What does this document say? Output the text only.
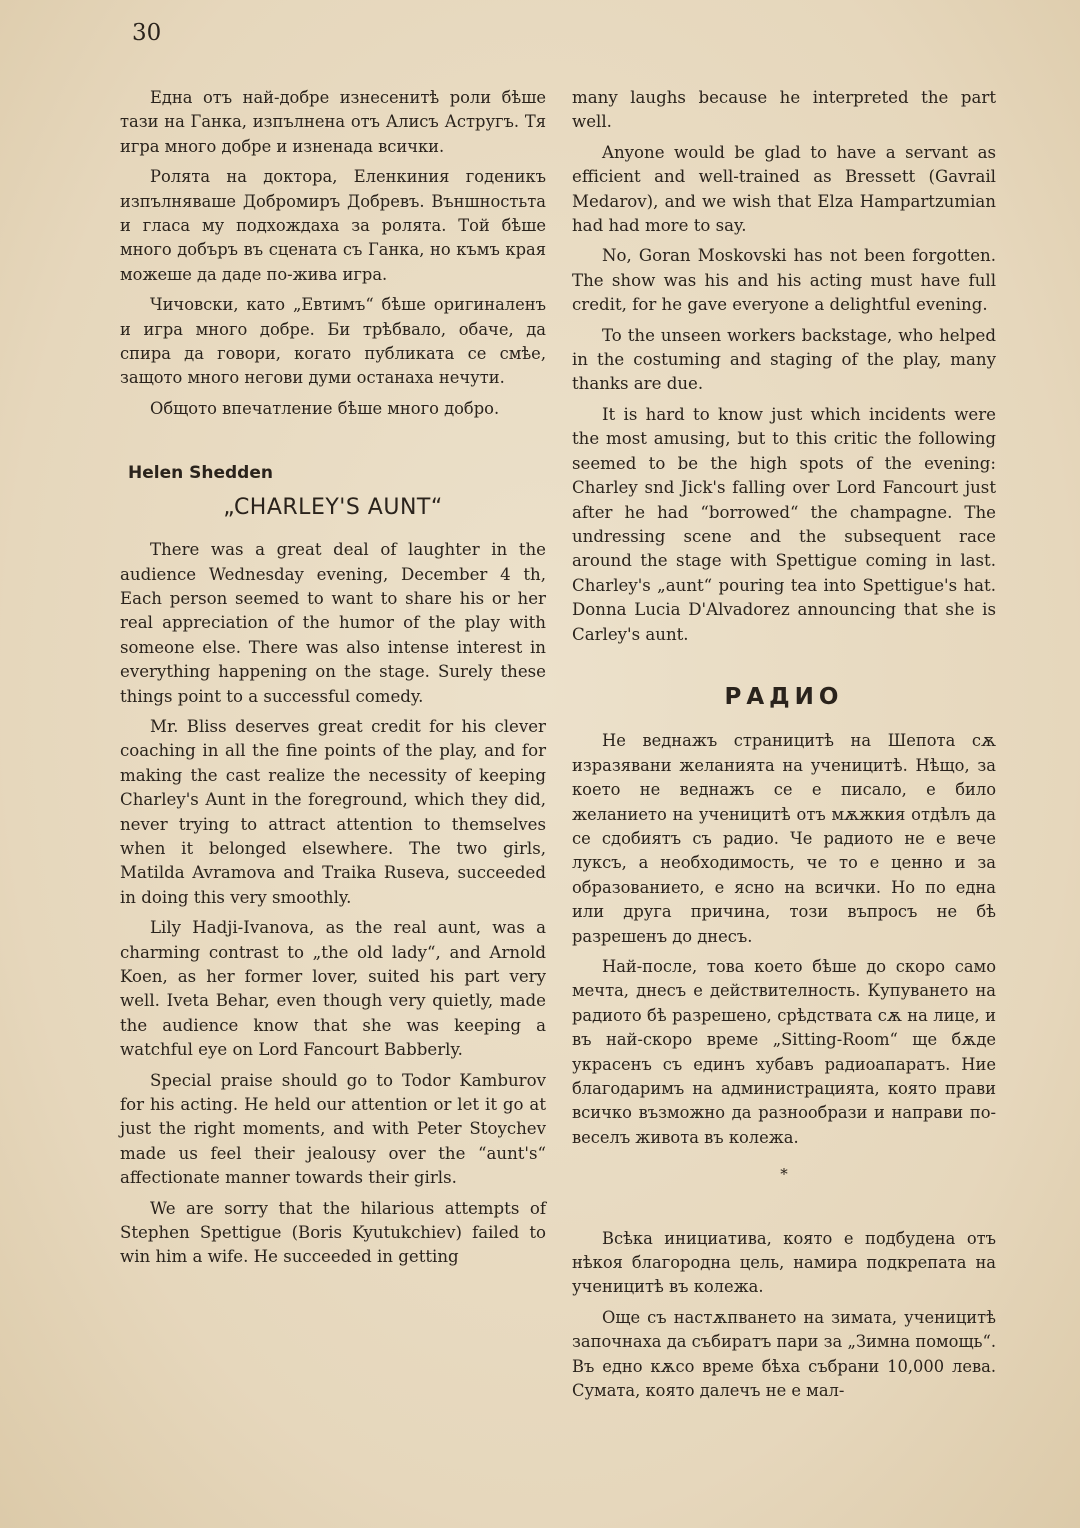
30

Една отъ най-добре изнесенитѣ роли бѣше тази на Ганка, изпълнена отъ Алисъ Астругъ. Тя игра много добре и изненада всички.

Ролята на доктора, Еленкиния годеникъ изпълняваше Добромиръ Добревъ. Външностьта и гласа му подхождаха за ролята. Той бѣше много добъръ въ сцената съ Ганка, но къмъ края можеше да даде по-жива игра.

Чичовски, като „Евтимъ“ бѣше оригиналенъ и игра много добре. Би трѣбвало, обаче, да спира да говори, когато публиката се смѣе, защото много негови думи останаха нечути.

Общото впечатление бѣше много добро.

Helen Shedden
„CHARLEY'S AUNT“

There was a great deal of laughter in the audience Wednesday evening, December 4 th, Each person seemed to want to share his or her real appreciation of the humor of the play with someone else. There was also intense interest in everything happening on the stage. Surely these things point to a successful comedy.

Mr. Bliss deserves great credit for his clever coaching in all the fine points of the play, and for making the cast realize the necessity of keeping Charley's Aunt in the foreground, which they did, never trying to attract attention to themselves when it belonged elsewhere. The two girls, Matilda Avramova and Traika Ruseva, succeeded in doing this very smoothly.

Lily Hadji-Ivanova, as the real aunt, was a charming contrast to „the old lady“, and Arnold Koen, as her former lover, suited his part very well. Iveta Behar, even though very quietly, made the audience know that she was keeping a watchful eye on Lord Fancourt Babberly.

Special praise should go to Todor Kamburov for his acting. He held our attention or let it go at just the right moments, and with Peter Stoychev made us feel their jealousy over the “aunt's“ affectionate manner towards their girls.

We are sorry that the hilarious attempts of Stephen Spettigue (Boris Kyutukchiev) failed to win him a wife. He succeeded in getting

many laughs because he interpreted the part well.

Anyone would be glad to have a servant as efficient and well-trained as Bressett (Gavrail Medarov), and we wish that Elza Hampartzumian had had more to say.

No, Goran Moskovski has not been forgotten. The show was his and his acting must have full credit, for he gave everyone a delightful evening.

To the unseen workers backstage, who helped in the costuming and staging of the play, many thanks are due.

It is hard to know just which incidents were the most amusing, but to this critic the following seemed to be the high spots of the evening: Charley snd Jick's falling over Lord Fancourt just after he had “borrowed“ the champagne. The undressing scene and the subsequent race around the stage with Spettigue coming in last. Charley's „aunt“ pouring tea into Spettigue's hat. Donna Lucia D'Alvadorez announcing that she is Carley's aunt.

РАДИО

Не веднажъ страницитѣ на Шепота сѫ изразявани желанията на ученицитѣ. Нѣщо, за което не веднажъ се е писало, е било желанието на ученицитѣ отъ мѫжкия отдѣлъ да се сдобиятъ съ радио. Че радиото не е вече луксъ, а необходимость, че то е ценно и за образованието, е ясно на всички. Но по една или друга причина, този въпросъ не бѣ разрешенъ до днесъ.

Най-после, това което бѣше до скоро само мечта, днесъ е действителность. Купуването на радиото бѣ разрешено, срѣдствата сѫ на лице, и въ най-скоро време „Sitting-Room“ ще бѫде украсенъ съ единъ хубавъ радиоапаратъ. Ние благодаримъ на администрацията, която прави всичко възможно да разнообрази и направи по-веселъ живота въ колежа.

*

Всѣка инициатива, която е подбудена отъ нѣкоя благородна цель, намира подкрепата на ученицитѣ въ колежа.

Още съ настѫпването на зимата, ученицитѣ започнаха да събиратъ пари за „Зимна помощь“. Въ едно кѫсо време бѣха събрани 10,000 лева. Сумата, която далечъ не е мал-
